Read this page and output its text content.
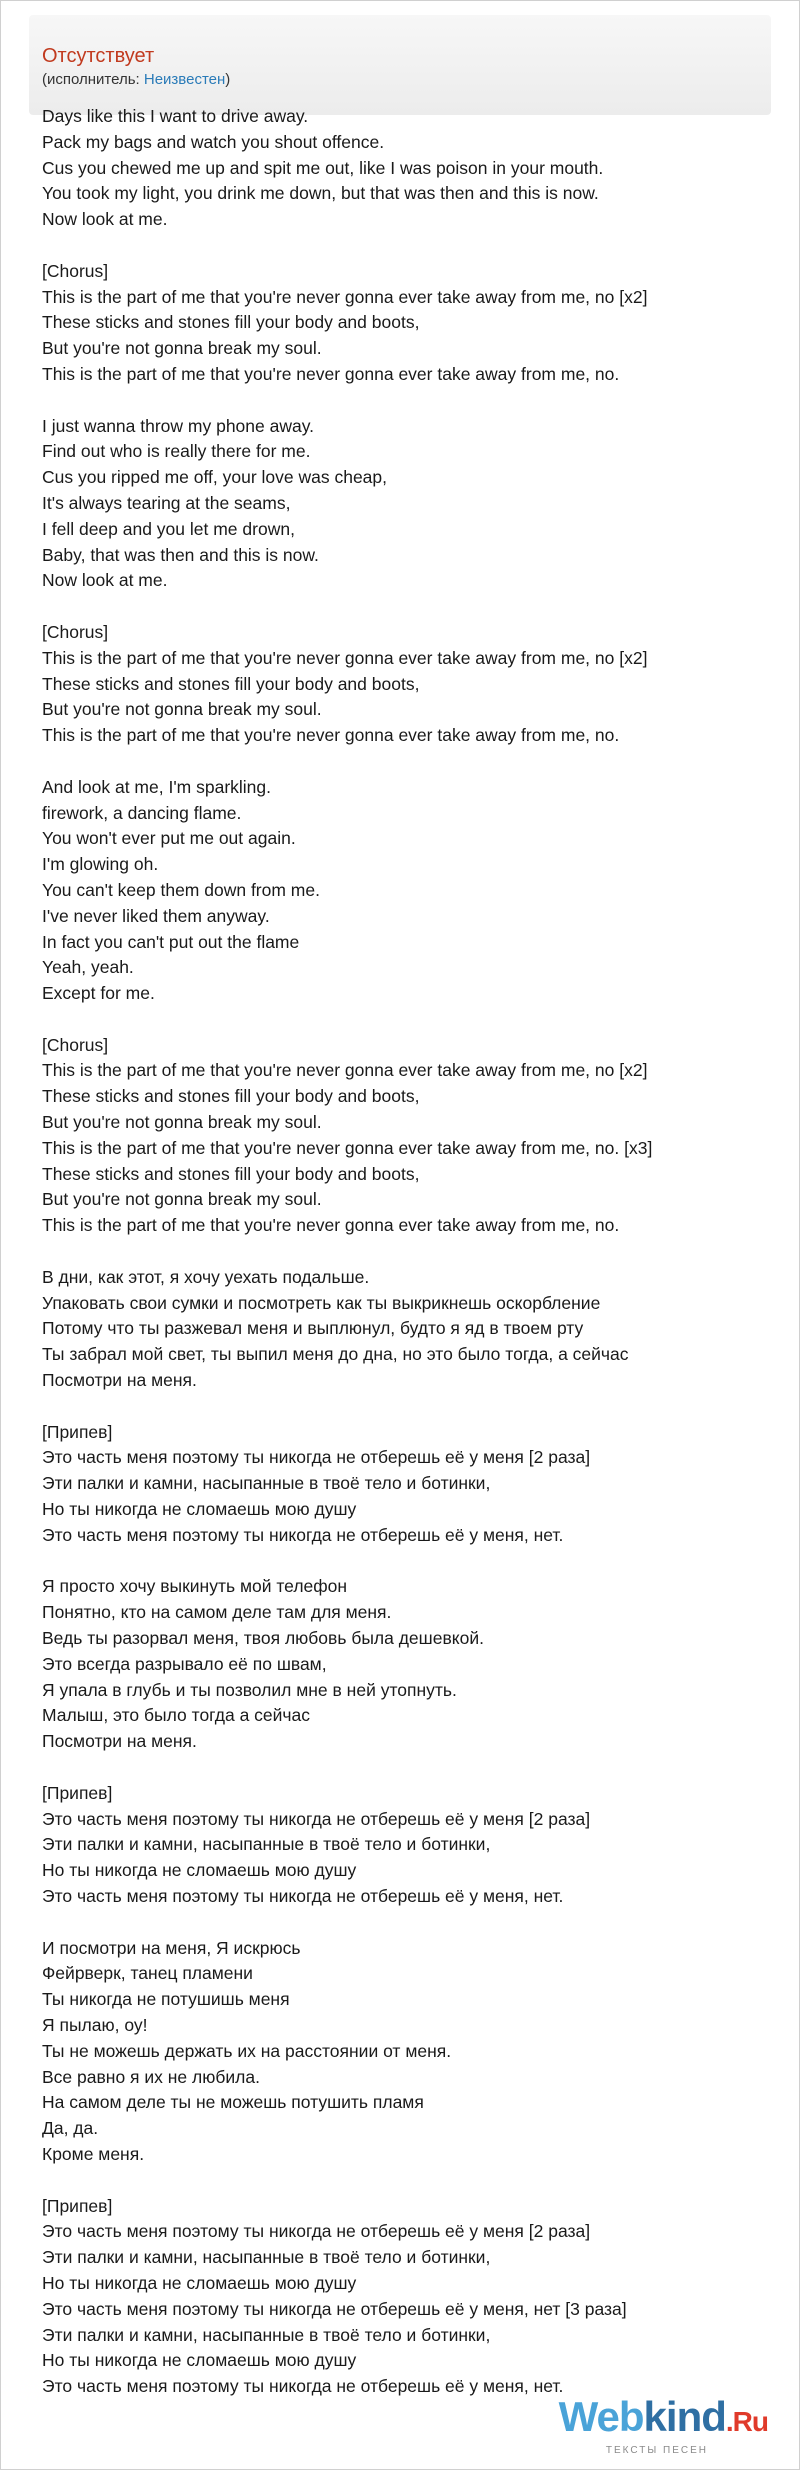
Отсутствует
(исполнитель: Неизвестен)
Days like this I want to drive away.
Pack my bags and watch you shout offence.
Cus you chewed me up and spit me out, like I was poison in your mouth.
You took my light, you drink me down, but that was then and this is now.
Now look at me.
[Chorus]
This is the part of me that you're never gonna ever take away from me, no [x2]
These sticks and stones fill your body and boots,
But you're not gonna break my soul.
This is the part of me that you're never gonna ever take away from me, no.
I just wanna throw my phone away.
Find out who is really there for me.
Cus you ripped me off, your love was cheap,
It's always tearing at the seams,
I fell deep and you let me drown,
Baby, that was then and this is now.
Now look at me.
[Chorus]
This is the part of me that you're never gonna ever take away from me, no [x2]
These sticks and stones fill your body and boots,
But you're not gonna break my soul.
This is the part of me that you're never gonna ever take away from me, no.
And look at me, I'm sparkling.
firework, a dancing flame.
You won't ever put me out again.
I'm glowing oh.
You can't keep them down from me.
I've never liked them anyway.
In fact you can't put out the flame
Yeah, yeah.
Except for me.
[Chorus]
This is the part of me that you're never gonna ever take away from me, no [x2]
These sticks and stones fill your body and boots,
But you're not gonna break my soul.
This is the part of me that you're never gonna ever take away from me, no. [x3]
These sticks and stones fill your body and boots,
But you're not gonna break my soul.
This is the part of me that you're never gonna ever take away from me, no.
В дни, как этот, я хочу уехать подальше.
Упаковать свои сумки и посмотреть как ты выкрикнешь оскорбление
Потому что ты разжевал меня и выплюнул, будто я яд в твоем рту
Ты забрал мой свет, ты выпил меня до дна, но это было тогда, а сейчас
Посмотри на меня.
[Припев]
Это часть меня поэтому ты никогда не отберешь её у меня [2 раза]
Эти палки и камни, насыпанные в твоё тело и ботинки,
Но ты никогда не сломаешь мою душу
Это часть меня поэтому ты никогда не отберешь её у меня, нет.
Я просто хочу выкинуть мой телефон
Понятно, кто на самом деле там для меня.
Ведь ты разорвал меня, твоя любовь была дешевкой.
Это всегда разрывало её по швам,
Я упала в глубь и ты позволил мне в ней утопнуть.
Малыш, это было тогда а сейчас
Посмотри на меня.
[Припев]
Это часть меня поэтому ты никогда не отберешь её у меня [2 раза]
Эти палки и камни, насыпанные в твоё тело и ботинки,
Но ты никогда не сломаешь мою душу
Это часть меня поэтому ты никогда не отберешь её у меня, нет.
И посмотри на меня, Я искрюсь
Фейрверк, танец пламени
Ты никогда не потушишь меня
Я пылаю, оу!
Ты не можешь держать их на расстоянии от меня.
Все равно я их не любила.
На самом деле ты не можешь потушить пламя
Да, да.
Кроме меня.
[Припев]
Это часть меня поэтому ты никогда не отберешь её у меня [2 раза]
Эти палки и камни, насыпанные в твоё тело и ботинки,
Но ты никогда не сломаешь мою душу
Это часть меня поэтому ты никогда не отберешь её у меня, нет [3 раза]
Эти палки и камни, насыпанные в твоё тело и ботинки,
Но ты никогда не сломаешь мою душу
Это часть меня поэтому ты никогда не отберешь её у меня, нет.
Webkind.Ru
ТЕКСТЫ ПЕСЕН
